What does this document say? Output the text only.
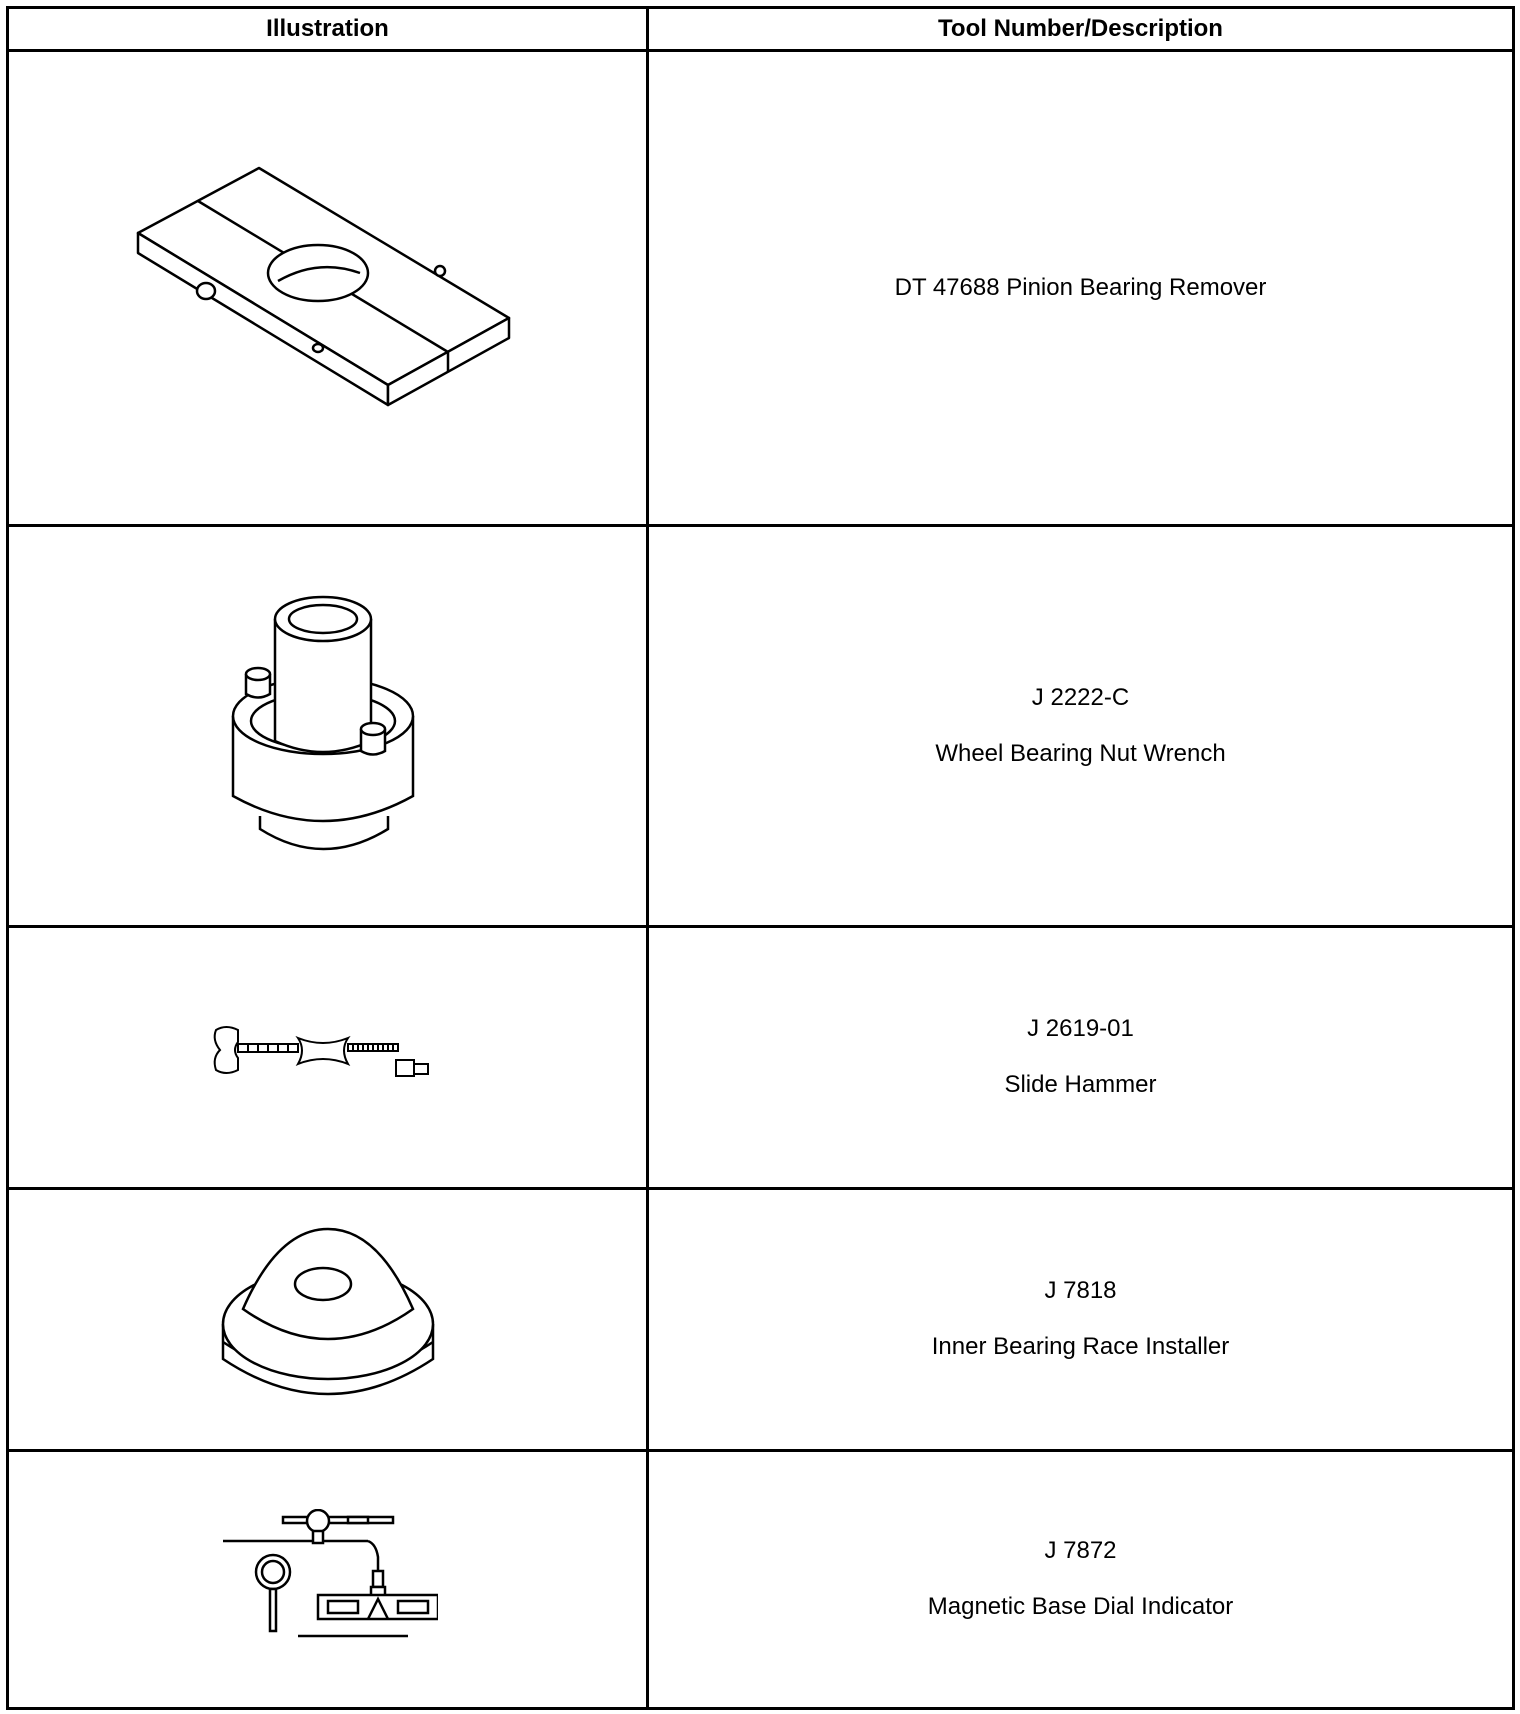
Illustration	Tool Number/Description

DT 47688 Pinion Bearing Remover

J 2222-C
Wheel Bearing Nut Wrench

J 2619-01
Slide Hammer

J 7818
Inner Bearing Race Installer

J 7872
Magnetic Base Dial Indicator
